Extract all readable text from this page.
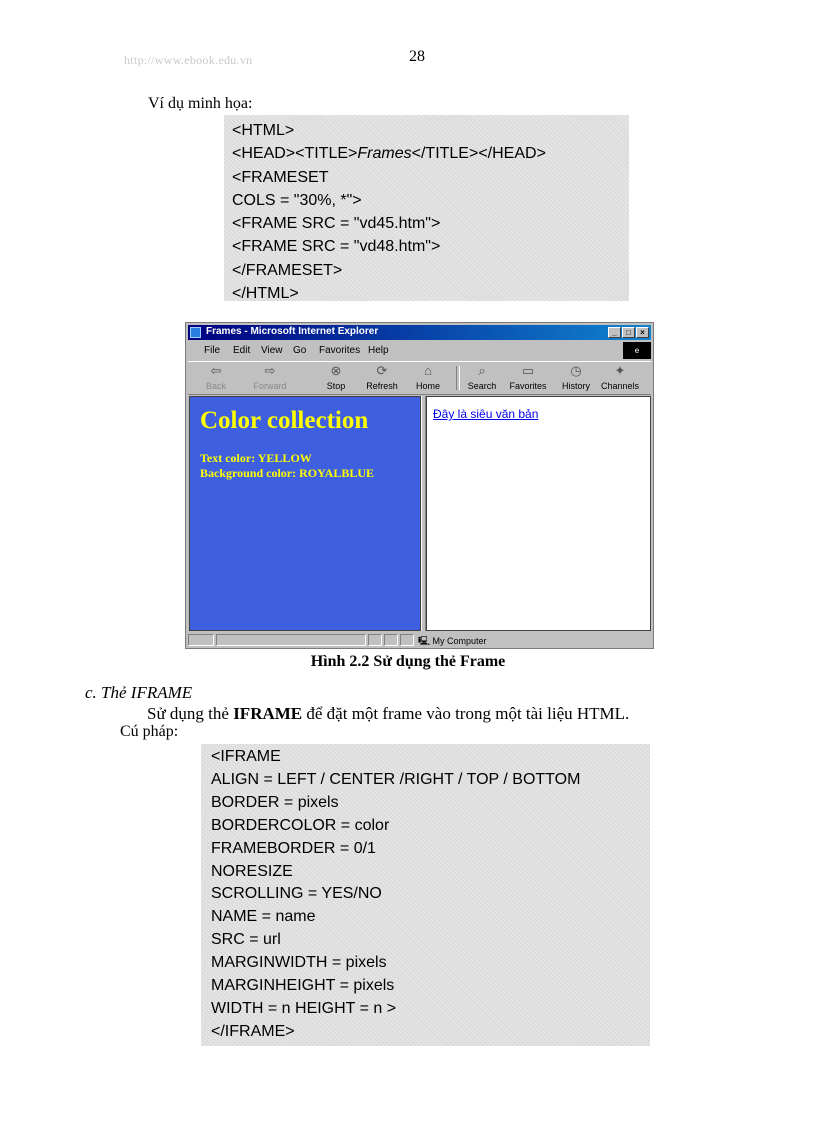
http://www.ebook.edu.vn	28
Ví dụ minh họa:
<HTML>
<HEAD><TITLE>Frames</TITLE></HEAD>
<FRAMESET
COLS = "30%, *">
<FRAME SRC = "vd45.htm">
<FRAME SRC = "vd48.htm">
</FRAMESET>
</HTML>
Frames - Microsoft Internet Explorer	_	□	×
File Edit View Go Favorites Help	e
⇦
Back
⇨
Forward
⊗
Stop
⟳
Refresh
⌂
Home
⌕
Search
▭
Favorites
◷
History
✦
Channels
Color collection
Text color: YELLOW
Background color: ROYALBLUE
Đây là siêu văn bản
🖳 My Computer
Hình 2.2 Sử dụng thẻ Frame
c. Thẻ IFRAME
Sử dụng thẻ IFRAME để đặt một frame vào trong một tài liệu HTML.
Cú pháp:
<IFRAME
ALIGN = LEFT / CENTER /RIGHT / TOP / BOTTOM
BORDER = pixels
BORDERCOLOR = color
FRAMEBORDER = 0/1
NORESIZE
SCROLLING = YES/NO
NAME = name
SRC = url
MARGINWIDTH = pixels
MARGINHEIGHT = pixels
WIDTH = n HEIGHT = n >
</IFRAME>
